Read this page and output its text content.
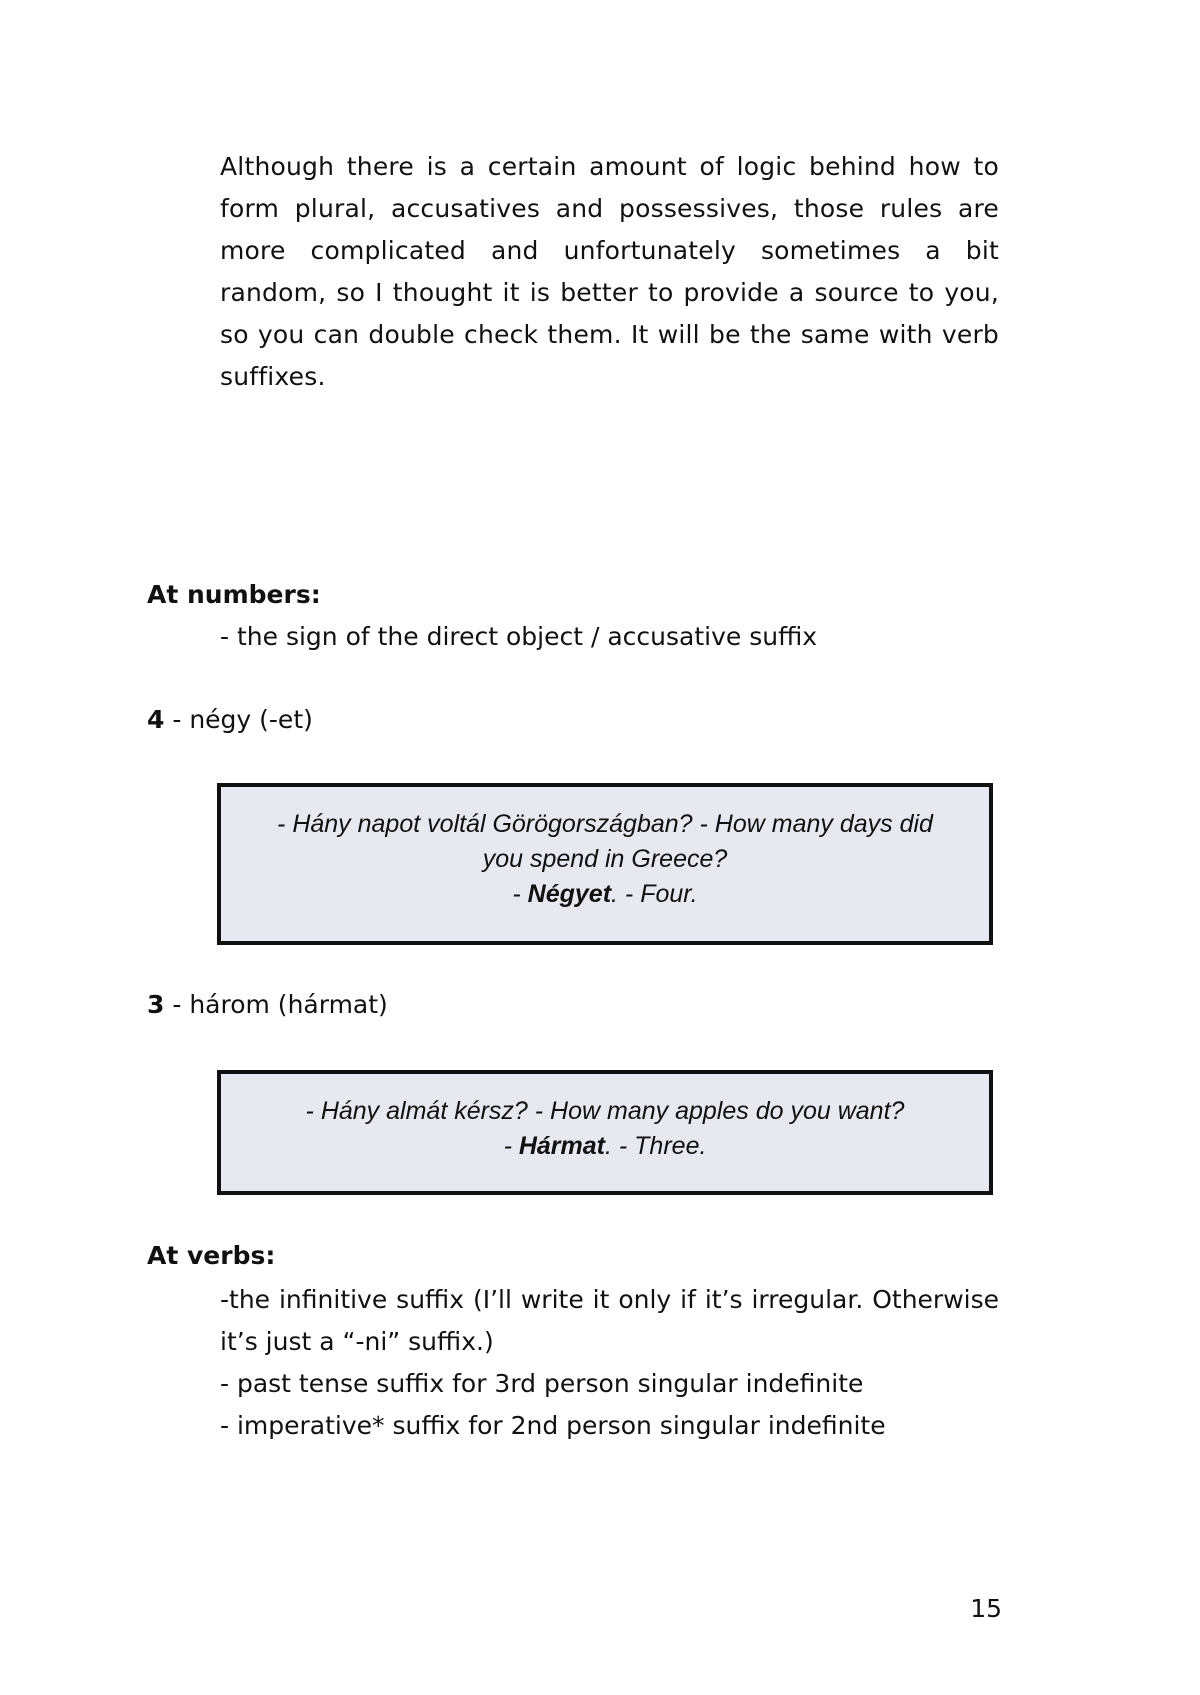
Although there is a certain amount of logic behind how to form plural, accusatives and possessives, those rules are more complicated and unfortunately sometimes a bit random, so I thought it is better to provide a source to you, so you can double check them. It will be the same with verb suffixes.

At numbers:
- the sign of the direct object / accusative suffix
4 - négy (-et)
- Hány napot voltál Görögországban? - How many days did you spend in Greece?
- Négyet. - Four.
3 - három (hármat)
- Hány almát kérsz? - How many apples do you want?
- Hármat. - Three.
At verbs:
-the infinitive suffix (I’ll write it only if it’s irregular. Otherwise it’s just a “-ni” suffix.)
- past tense suffix for 3rd person singular indefinite
- imperative* suffix for 2nd person singular indefinite
15
